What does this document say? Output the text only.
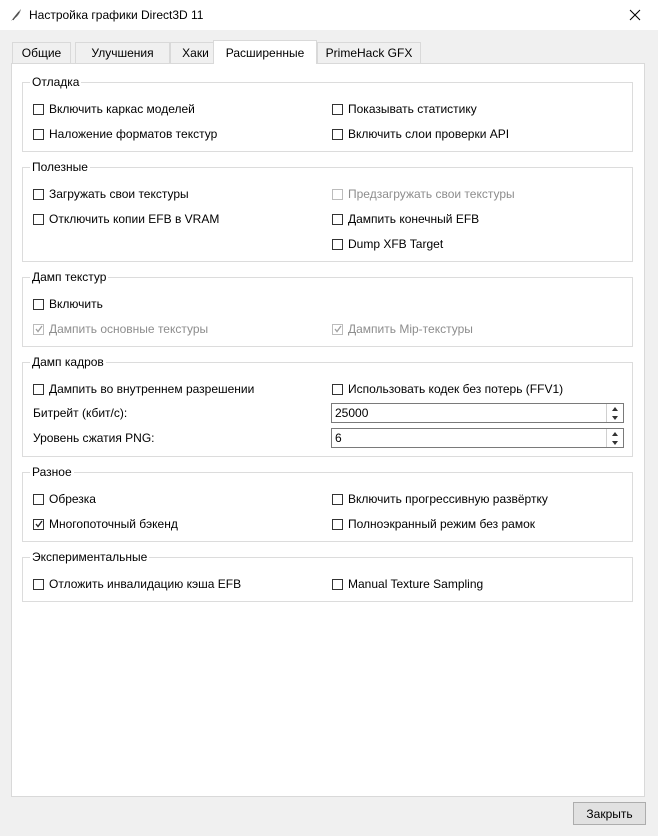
Настройка графики Direct3D 11
Общие	Улучшения	Хаки	Расширенные	PrimeHack GFX
Отладка
Включить каркас моделей	Показывать статистику
Наложение форматов текстур	Включить слои проверки API
Полезные
Загружать свои текстуры	Предзагружать свои текстуры
Отключить копии EFB в VRAM	Дампить конечный EFB
Dump XFB Target
Дамп текстур
Включить
Дампить основные текстуры	Дампить Mip-текстуры
Дамп кадров
Дампить во внутреннем разрешении	Использовать кодек без потерь (FFV1)
Битрейт (кбит/с):	25000
Уровень сжатия PNG:	6
Разное
Обрезка	Включить прогрессивную развёртку
Многопоточный бэкенд	Полноэкранный режим без рамок
Экспериментальные
Отложить инвалидацию кэша EFB	Manual Texture Sampling
Закрыть
